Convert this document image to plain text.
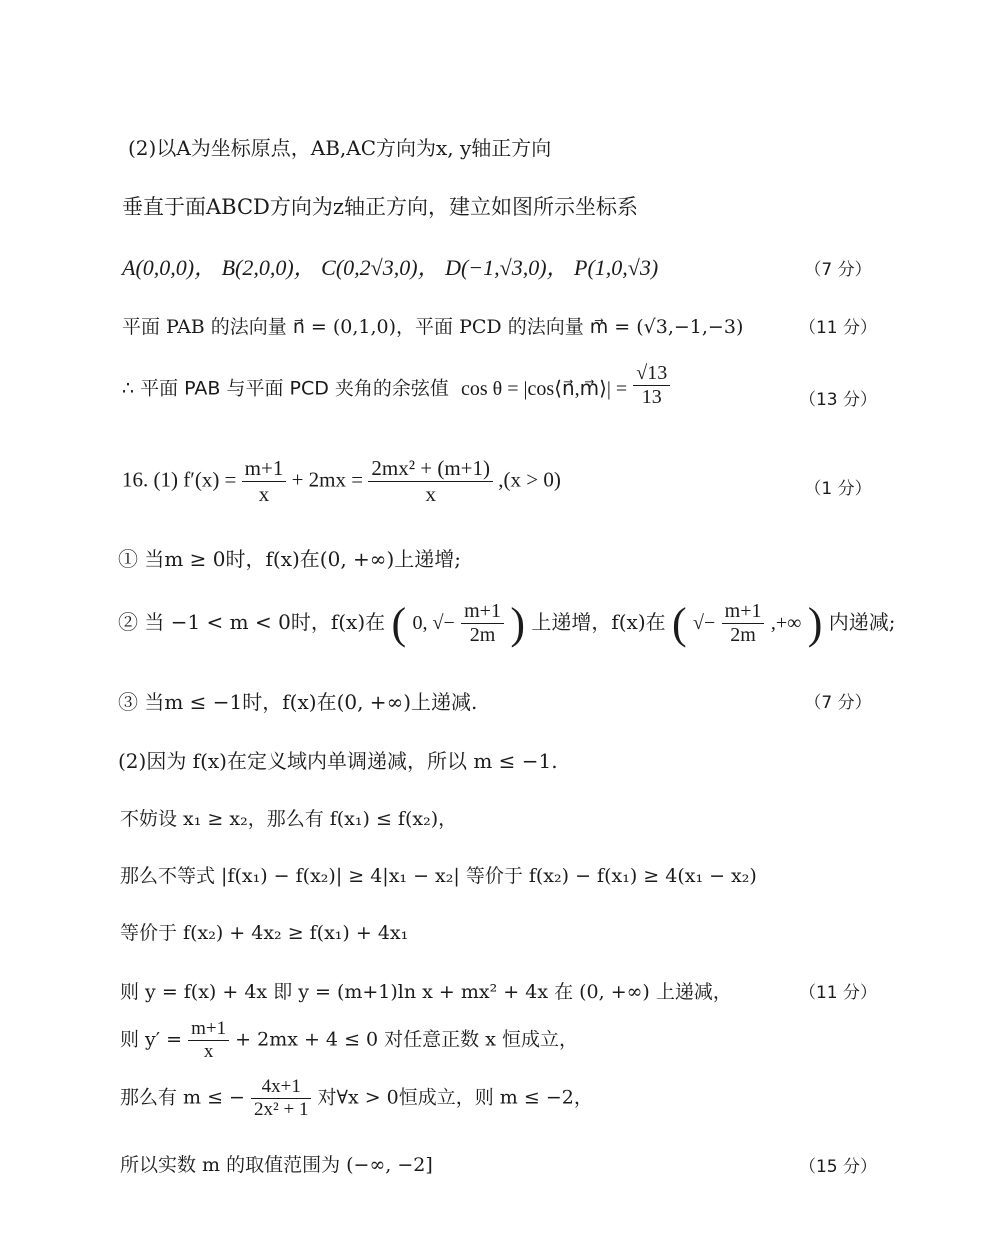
(2)以A为坐标原点，AB,AC方向为x, y轴正方向
垂直于面ABCD方向为z轴正方向，建立如图所示坐标系
A(0,0,0)， B(2,0,0)， C(0,2√3,0)， D(−1,√3,0)， P(1,0,√3)	（7 分）
平面 PAB 的法向量 n⃗ = (0,1,0)，平面 PCD 的法向量 m⃗ = (√3,−1,−3)	（11 分）
∴ 平面 PAB 与平面 PCD 夹角的余弦值 cos θ = |cos⟨n⃗,m⃗⟩| = $\frac{√13}{13}$	（13 分）
16. (1) $f'(x) = \frac{m+1}{x} + 2mx = \frac{\text{2mx² + (m+1)}}{x} ,(x > 0)$	（1 分）
① 当m ≥ 0时，f(x)在(0, +∞)上递增;
② 当 −1 < m < 0时，f(x)在 ( 0, √− $\frac{m+1}{2m}$ ) 上递增，f(x)在 ( √− $\frac{m+1}{2m}$ ,+∞ ) 内递减;
③ 当m ≤ −1时，f(x)在(0, +∞)上递减.	（7 分）
(2)因为 f(x)在定义域内单调递减，所以 m ≤ −1.
不妨设 x₁ ≥ x₂，那么有 f(x₁) ≤ f(x₂)，
那么不等式 |f(x₁) − f(x₂)| ≥ 4|x₁ − x₂| 等价于 f(x₂) − f(x₁) ≥ 4(x₁ − x₂)
等价于 f(x₂) + 4x₂ ≥ f(x₁) + 4x₁
则 y = f(x) + 4x 即 y = (m+1)ln x + mx² + 4x 在 (0, +∞) 上递减，	（11 分）
则 $y' = \frac{m+1}{x} + 2mx + 4 \le 0$ 对任意正数 x 恒成立，
那么有 m ≤ − $\frac{4x+1}{\text{2x² + 1}}$ 对∀x > 0恒成立，则 m ≤ −2，
所以实数 m 的取值范围为 (−∞, −2]	（15 分）
